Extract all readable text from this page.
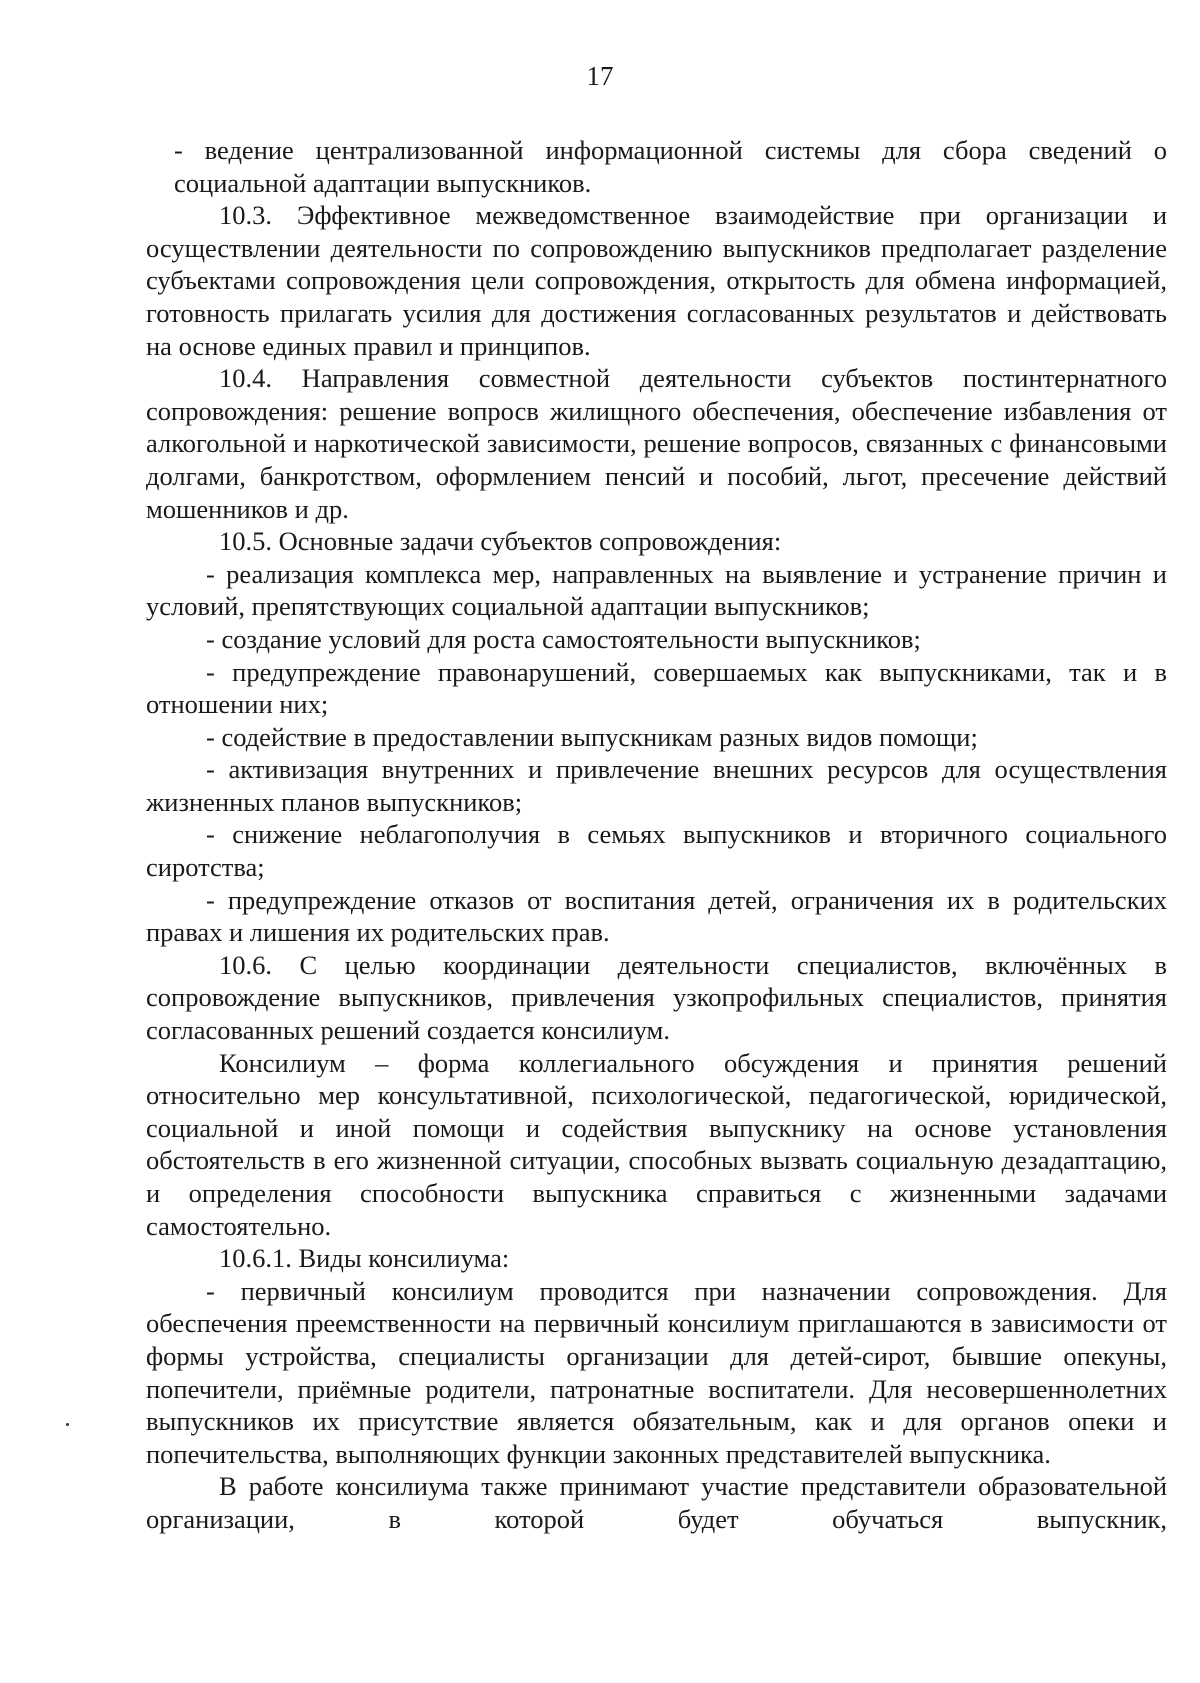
17

- ведение централизованной информационной системы для сбора сведений о социальной адаптации выпускников.

10.3. Эффективное межведомственное взаимодействие при организации и осуществлении деятельности по сопровождению выпускников предполагает разделение субъектами сопровождения цели сопровождения, открытость для обмена информацией, готовность прилагать усилия для достижения согласованных результатов и действовать на основе единых правил и принципов.

10.4. Направления совместной деятельности субъектов постинтернатного сопровождения: решение вопросв жилищного обеспечения, обеспечение избавления от алкогольной и наркотической зависимости, решение вопросов, связанных с финансовыми долгами, банкротством, оформлением пенсий и пособий, льгот, пресечение действий мошенников и др.

10.5. Основные задачи субъектов сопровождения:

- реализация комплекса мер, направленных на выявление и устранение причин и условий, препятствующих социальной адаптации выпускников;

- создание условий для роста самостоятельности выпускников;

- предупреждение правонарушений, совершаемых как выпускниками, так и в отношении них;

- содействие в предоставлении выпускникам разных видов помощи;

- активизация внутренних и привлечение внешних ресурсов для осуществления жизненных планов выпускников;

- снижение неблагополучия в семьях выпускников и вторичного социального сиротства;

- предупреждение отказов от воспитания детей, ограничения их в родительских правах и лишения их родительских прав.

10.6. С целью координации деятельности специалистов, включённых в сопровождение выпускников, привлечения узкопрофильных специалистов, принятия согласованных решений создается консилиум.

Консилиум – форма коллегиального обсуждения и принятия решений относительно мер консультативной, психологической, педагогической, юридической, социальной и иной помощи и содействия выпускнику на основе установления обстоятельств в его жизненной ситуации, способных вызвать социальную дезадаптацию, и определения способности выпускника справиться с жизненными задачами самостоятельно.

10.6.1. Виды консилиума:

- первичный консилиум проводится при назначении сопровождения. Для обеспечения преемственности на первичный консилиум приглашаются в зависимости от формы устройства, специалисты организации для детей-сирот, бывшие опекуны, попечители, приёмные родители, патронатные воспитатели. Для несовершеннолетних выпускников их присутствие является обязательным, как и для органов опеки и попечительства, выполняющих функции законных представителей выпускника.

В работе консилиума также принимают участие представители образовательной организации, в которой будет обучаться выпускник,
